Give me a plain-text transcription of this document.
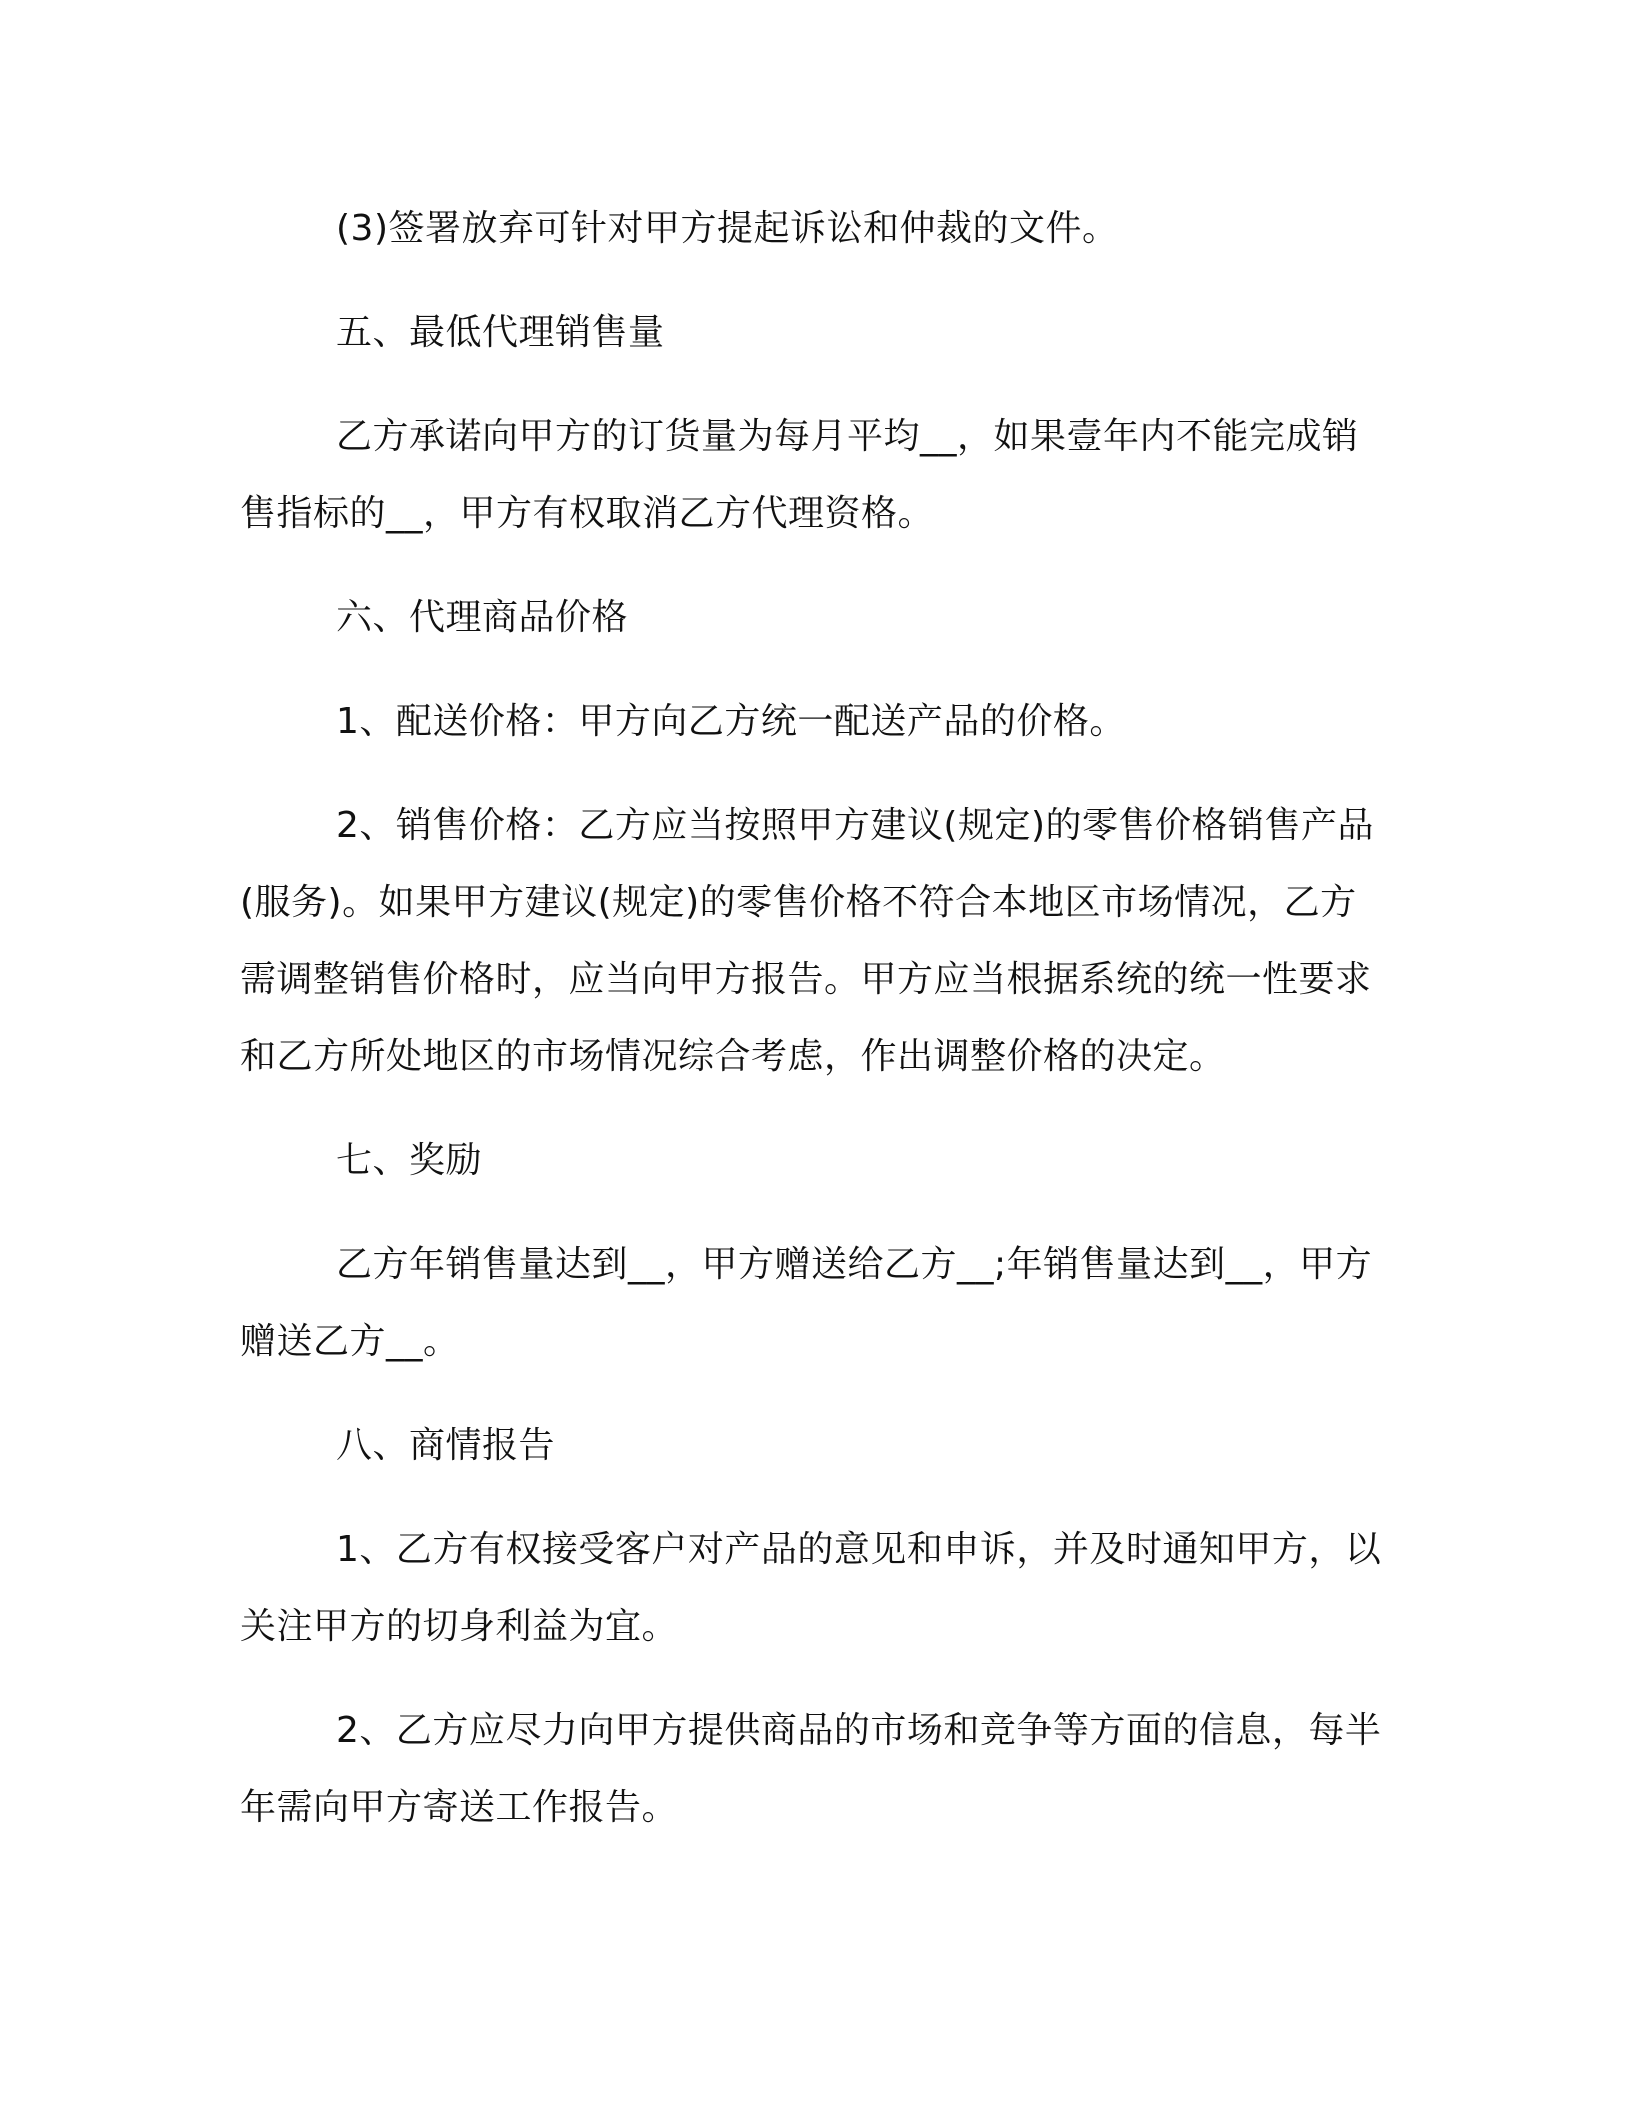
(3)签署放弃可针对甲方提起诉讼和仲裁的文件。

五、最低代理销售量

乙方承诺向甲方的订货量为每月平均__，如果壹年内不能完成销售指标的__，甲方有权取消乙方代理资格。

六、代理商品价格

1、配送价格：甲方向乙方统一配送产品的价格。

2、销售价格：乙方应当按照甲方建议(规定)的零售价格销售产品(服务)。如果甲方建议(规定)的零售价格不符合本地区市场情况，乙方需调整销售价格时，应当向甲方报告。甲方应当根据系统的统一性要求和乙方所处地区的市场情况综合考虑，作出调整价格的决定。

七、奖励

乙方年销售量达到__，甲方赠送给乙方__;年销售量达到__，甲方赠送乙方__。

八、商情报告

1、乙方有权接受客户对产品的意见和申诉，并及时通知甲方，以关注甲方的切身利益为宜。

2、乙方应尽力向甲方提供商品的市场和竞争等方面的信息，每半年需向甲方寄送工作报告。
